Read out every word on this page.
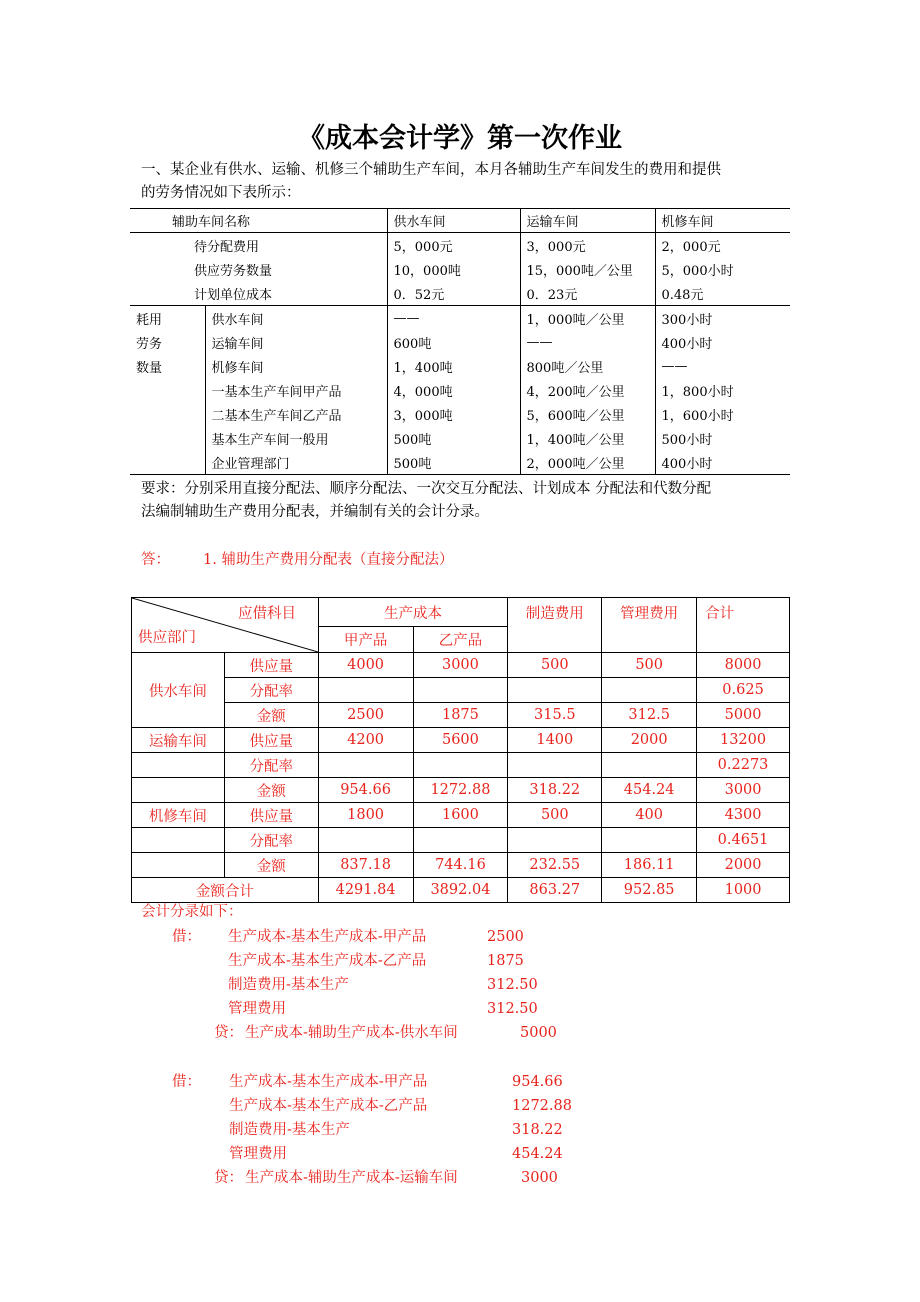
《成本会计学》第一次作业
一、某企业有供水、运输、机修三个辅助生产车间，本月各辅助生产车间发生的费用和提供
的劳务情况如下表所示：
辅助车间名称		供水车间	运输车间	机修车间
待分配费用		5，000元	3，000元	2，000元
供应劳务数量		10，000吨	15，000吨／公里	5，000小时
计划单位成本		0．52元	0．23元	0.48元
耗用	供水车间	——	1，000吨／公里	300小时
劳务	运输车间	600吨	——	400小时
数量	机修车间	1，400吨	800吨／公里	——
	一基本生产车间甲产品	4，000吨	4，200吨／公里	1，800小时
	二基本生产车间乙产品	3，000吨	5，600吨／公里	1，600小时
	基本生产车间一般用	500吨	1，400吨／公里	500小时
	企业管理部门	500吨	2，000吨／公里	400小时
要求：分别采用直接分配法、顺序分配法、一次交互分配法、计划成本 分配法和代数分配
法编制辅助生产费用分配表，并编制有关的会计分录。
答： 1. 辅助生产费用分配表（直接分配法）
应借科目
供应部门		生产成本		制造费用	管理费用	合计
		甲产品	乙产品			
供水车间	供应量	4000	3000	500	500	8000
	分配率					0.625
	金额	2500	1875	315.5	312.5	5000
运输车间	供应量	4200	5600	1400	2000	13200
	分配率					0.2273
	金额	954.66	1272.88	318.22	454.24	3000
机修车间	供应量	1800	1600	500	400	4300
	分配率					0.4651
	金额	837.18	744.16	232.55	186.11	2000
金额合计		4291.84	3892.04	863.27	952.85	1000
会计分录如下：
借： 生产成本-基本生产成本-甲产品	2500
生产成本-基本生产成本-乙产品	1875
制造费用-基本生产	312.50
管理费用	312.50
贷： 生产成本-辅助生产成本-供水车间	5000
借： 生产成本-基本生产成本-甲产品	954.66
生产成本-基本生产成本-乙产品	1272.88
制造费用-基本生产	318.22
管理费用	454.24
贷： 生产成本-辅助生产成本-运输车间	3000
